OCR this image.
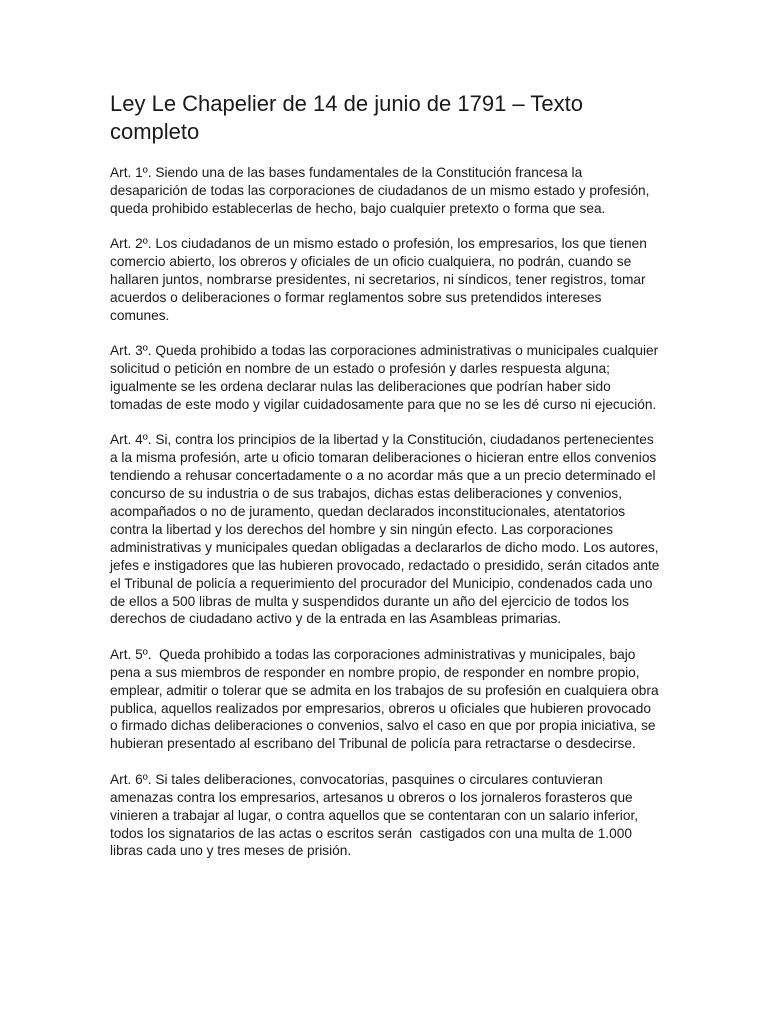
Ley Le Chapelier de 14 de junio de 1791 – Texto completo

Art. 1º. Siendo una de las bases fundamentales de la Constitución francesa la desaparición de todas las corporaciones de ciudadanos de un mismo estado y profesión, queda prohibido establecerlas de hecho, bajo cualquier pretexto o forma que sea.

Art. 2º. Los ciudadanos de un mismo estado o profesión, los empresarios, los que tienen comercio abierto, los obreros y oficiales de un oficio cualquiera, no podrán, cuando se hallaren juntos, nombrarse presidentes, ni secretarios, ni síndicos, tener registros, tomar acuerdos o deliberaciones o formar reglamentos sobre sus pretendidos intereses comunes.

Art. 3º. Queda prohibido a todas las corporaciones administrativas o municipales cualquier solicitud o petición en nombre de un estado o profesión y darles respuesta alguna; igualmente se les ordena declarar nulas las deliberaciones que podrían haber sido tomadas de este modo y vigilar cuidadosamente para que no se les dé curso ni ejecución.

Art. 4º. Si, contra los principios de la libertad y la Constitución, ciudadanos pertenecientes a la misma profesión, arte u oficio tomaran deliberaciones o hicieran entre ellos convenios tendiendo a rehusar concertadamente o a no acordar más que a un precio determinado el concurso de su industria o de sus trabajos, dichas estas deliberaciones y convenios, acompañados o no de juramento, quedan declarados inconstitucionales, atentatorios contra la libertad y los derechos del hombre y sin ningún efecto. Las corporaciones administrativas y municipales quedan obligadas a declararlos de dicho modo. Los autores, jefes e instigadores que las hubieren provocado, redactado o presidido, serán citados ante el Tribunal de policía a requerimiento del procurador del Municipio, condenados cada uno de ellos a 500 libras de multa y suspendidos durante un año del ejercicio de todos los derechos de ciudadano activo y de la entrada en las Asambleas primarias.

Art. 5º.  Queda prohibido a todas las corporaciones administrativas y municipales, bajo pena a sus miembros de responder en nombre propio, de responder en nombre propio, emplear, admitir o tolerar que se admita en los trabajos de su profesión en cualquiera obra publica, aquellos realizados por empresarios, obreros u oficiales que hubieren provocado o firmado dichas deliberaciones o convenios, salvo el caso en que por propia iniciativa, se hubieran presentado al escribano del Tribunal de policía para retractarse o desdecirse.

Art. 6º. Si tales deliberaciones, convocatorias, pasquines o circulares contuvieran amenazas contra los empresarios, artesanos u obreros o los jornaleros forasteros que vinieren a trabajar al lugar, o contra aquellos que se contentaran con un salario inferior, todos los signatarios de las actas o escritos serán  castigados con una multa de 1.000 libras cada uno y tres meses de prisión.
